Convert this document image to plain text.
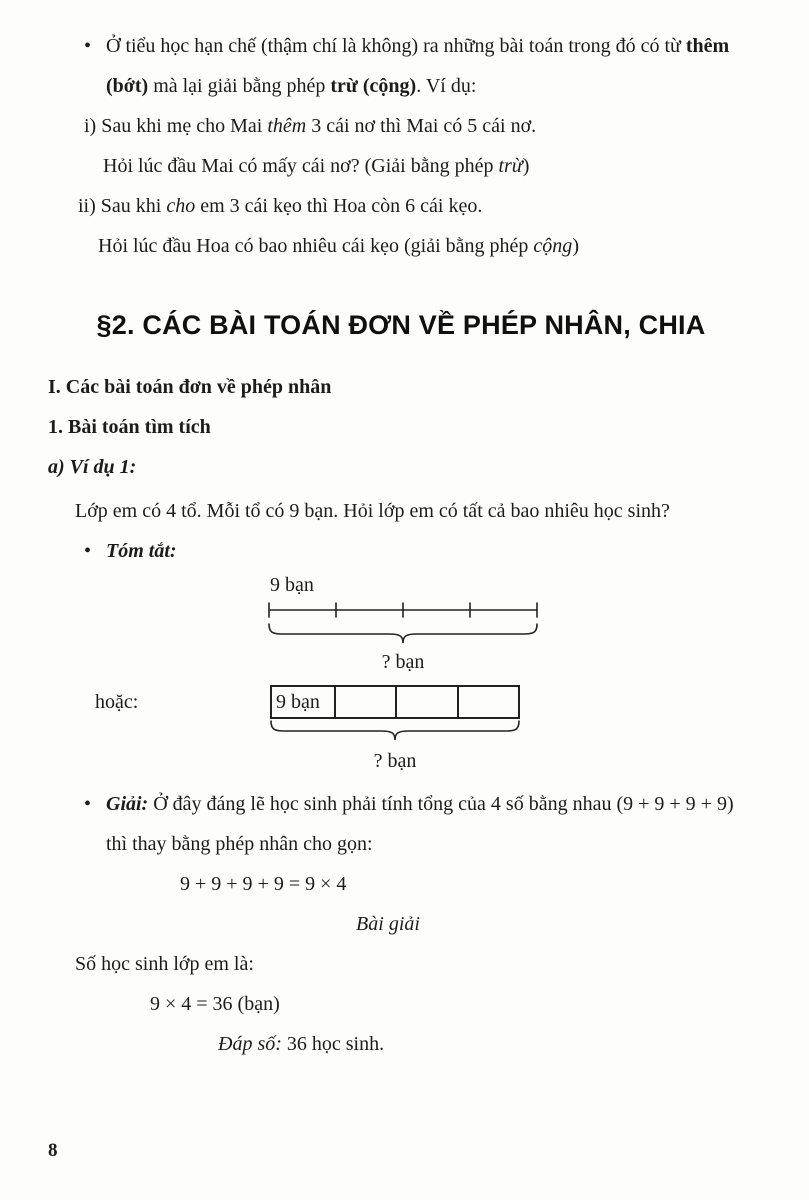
• Ở tiểu học hạn chế (thậm chí là không) ra những bài toán trong đó có từ thêm (bớt) mà lại giải bằng phép trừ (cộng). Ví dụ:
i) Sau khi mẹ cho Mai thêm 3 cái nơ thì Mai có 5 cái nơ.
Hỏi lúc đầu Mai có mấy cái nơ? (Giải bằng phép trừ)
ii) Sau khi cho em 3 cái kẹo thì Hoa còn 6 cái kẹo.
Hỏi lúc đầu Hoa có bao nhiêu cái kẹo (giải bằng phép cộng)
§2. CÁC BÀI TOÁN ĐƠN VỀ PHÉP NHÂN, CHIA
I. Các bài toán đơn về phép nhân
1. Bài toán tìm tích
a) Ví dụ 1:
Lớp em có 4 tổ. Mỗi tổ có 9 bạn. Hỏi lớp em có tất cả bao nhiêu học sinh?
• Tóm tắt:
9 bạn
? bạn
hoặc:	9 bạn
? bạn
• Giải: Ở đây đáng lẽ học sinh phải tính tổng của 4 số bằng nhau (9 + 9 + 9 + 9) thì thay bằng phép nhân cho gọn:
9 + 9 + 9 + 9 = 9 × 4
Bài giải
Số học sinh lớp em là:
9 × 4 = 36 (bạn)
Đáp số: 36 học sinh.
8
